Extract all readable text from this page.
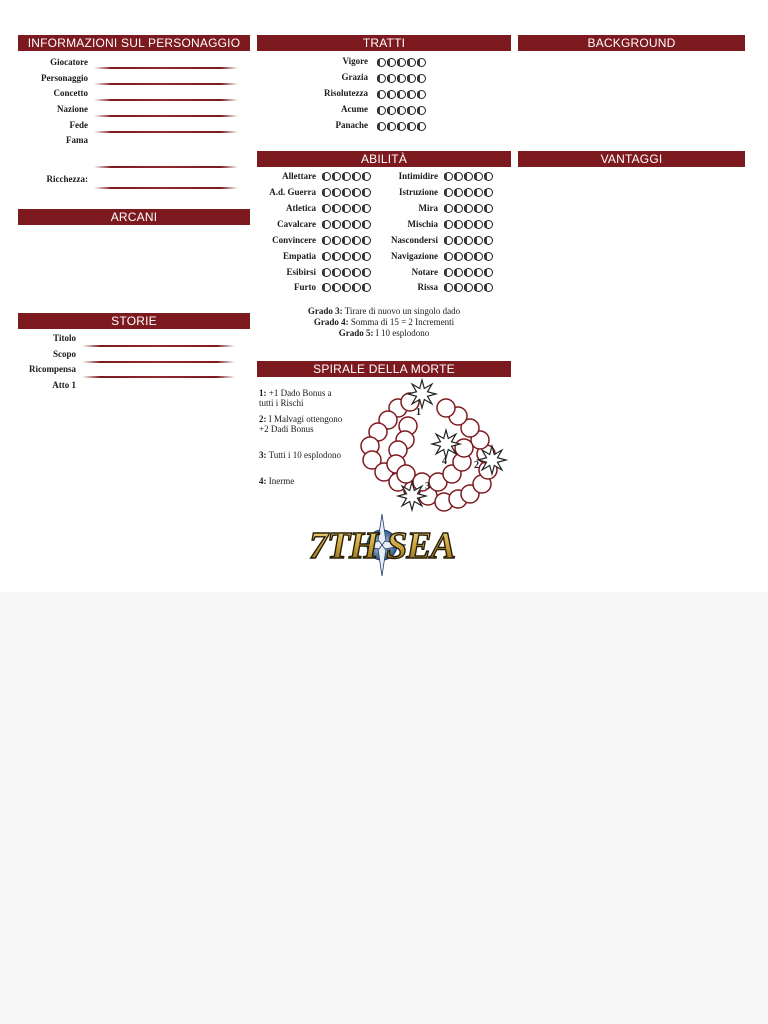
INFORMAZIONI SUL PERSONAGGIO	TRATTI	BACKGROUND
ABILITÀ	VANTAGGI
ARCANI
STORIE
SPIRALE DELLA MORTE
Giocatore
Personaggio
Concetto
Nazione
Fede
Fama
Ricchezza:
Vigore
Grazia
Risolutezza
Acume
Panache
Allettare
A.d. Guerra
Atletica
Cavalcare
Convincere
Empatia
Esibirsi
Furto
Intimidire
Istruzione
Mira
Mischia
Nascondersi
Navigazione
Notare
Rissa
Grado 3: Tirare di nuovo un singolo dado
Grado 4: Somma di 15 = 2 Incrementi
Grado 5: I 10 esplodono
Titolo
Scopo
Ricompensa
Atto 1
1: +1 Dado Bonus a tutti i Rischi
2: I Malvagi ottengono +2 Dadi Bonus
3: Tutti i 10 esplodono
4: Inerme
1
2
3
4
7TH SEA
